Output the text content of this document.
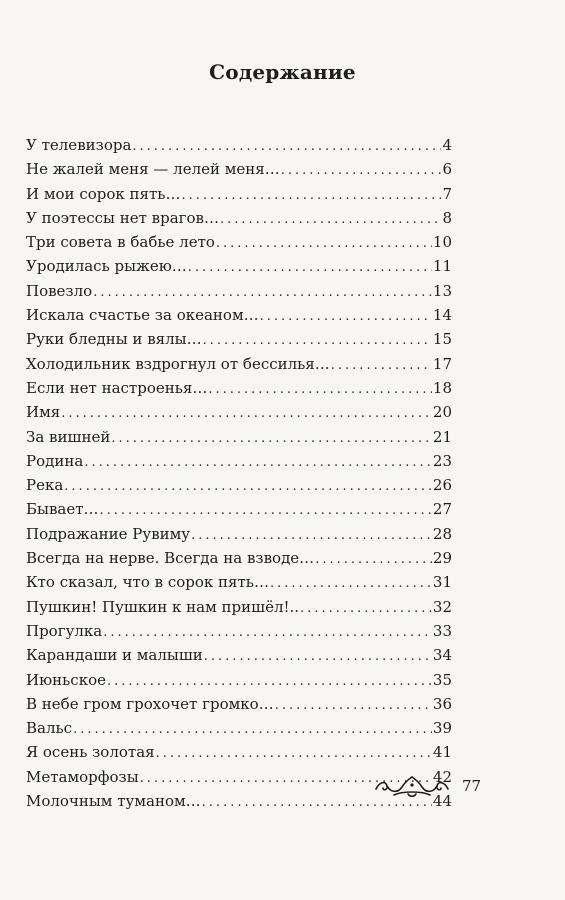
Содержание
У телевизора .....	4
Не жалей меня — лелей меня… .....	6
И мои сорок пять… .....	7
У поэтессы нет врагов… .....	8
Три совета в бабье лето .....	10
Уродилась рыжею… .....	11
Повезло .....	13
Искала счастье за океаном… .....	14
Руки бледны и вялы… .....	15
Холодильник вздрогнул от бессилья… .....	17
Если нет настроенья… .....	18
Имя .....	20
За вишней .....	21
Родина .....	23
Река .....	26
Бывает… .....	27
Подражание Рувиму .....	28
Всегда на нерве. Всегда на взводе… .....	29
Кто сказал, что в сорок пять… .....	31
Пушкин! Пушкин к нам пришёл!.. .....	32
Прогулка .....	33
Карандаши и малыши .....	34
Июньское .....	35
В небе гром грохочет громко… .....	36
Вальс .....	39
Я осень золотая .....	41
Метаморфозы .....	42
Молочным туманом… .....	44
77
